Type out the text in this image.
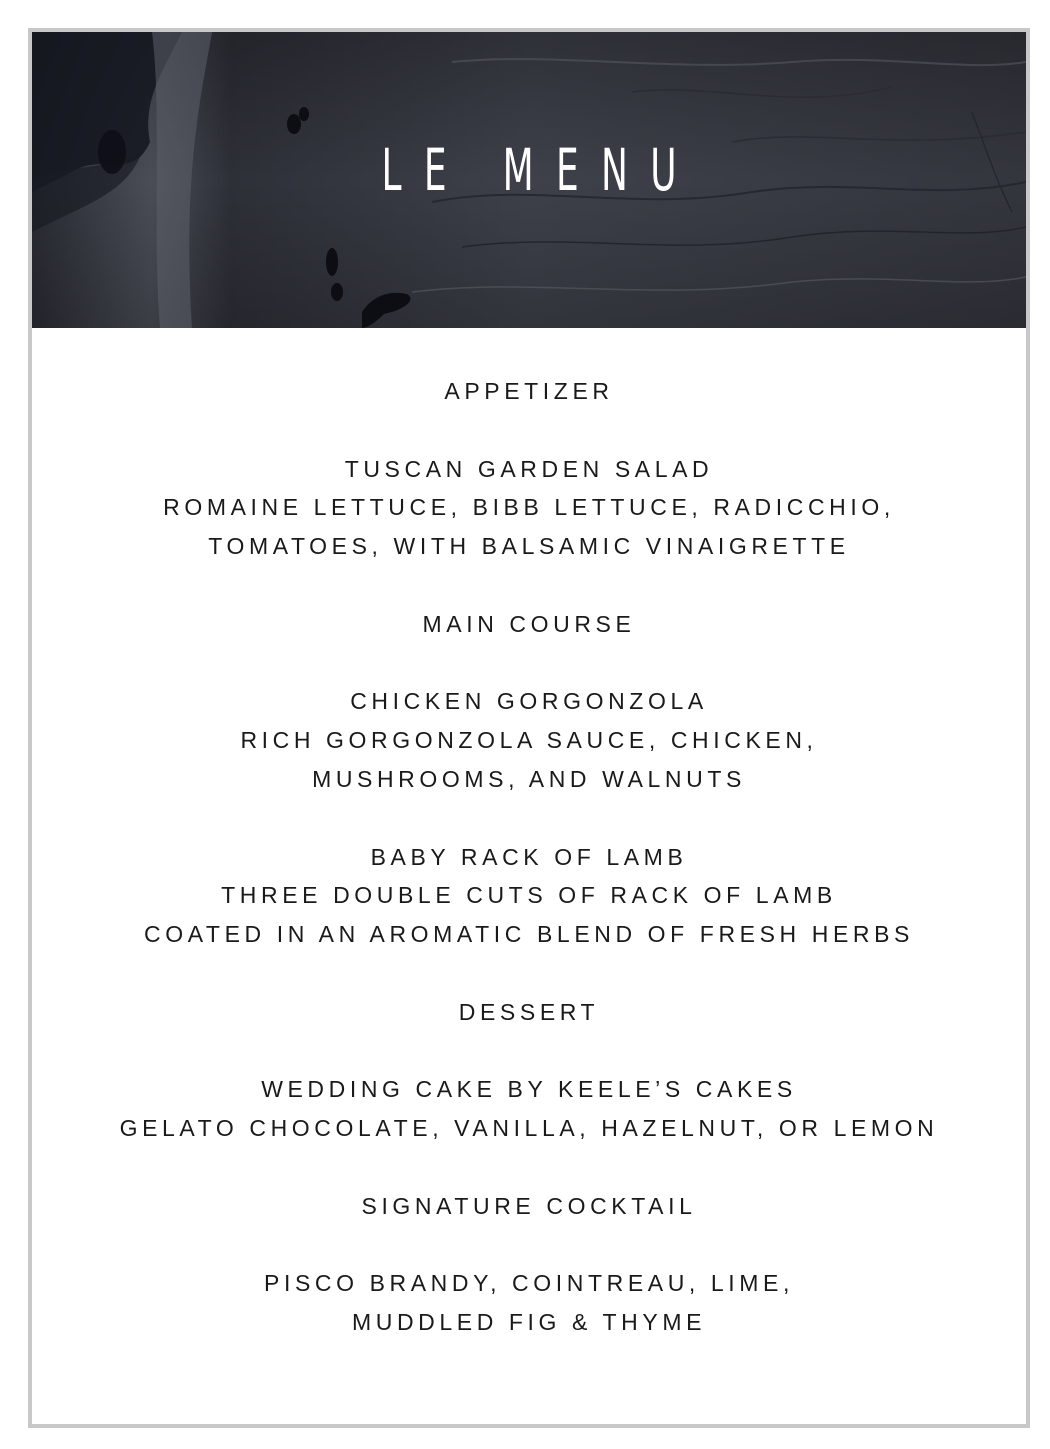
LE MENU
APPETIZER
TUSCAN GARDEN SALAD
ROMAINE LETTUCE, BIBB LETTUCE, RADICCHIO,
TOMATOES, WITH BALSAMIC VINAIGRETTE
MAIN COURSE
CHICKEN GORGONZOLA
RICH GORGONZOLA SAUCE, CHICKEN,
MUSHROOMS, AND WALNUTS
BABY RACK OF LAMB
THREE DOUBLE CUTS OF RACK OF LAMB
COATED IN AN AROMATIC BLEND OF FRESH HERBS
DESSERT
WEDDING CAKE BY KEELE’S CAKES
GELATO CHOCOLATE, VANILLA, HAZELNUT, OR LEMON
SIGNATURE COCKTAIL
PISCO BRANDY, COINTREAU, LIME,
MUDDLED FIG & THYME
